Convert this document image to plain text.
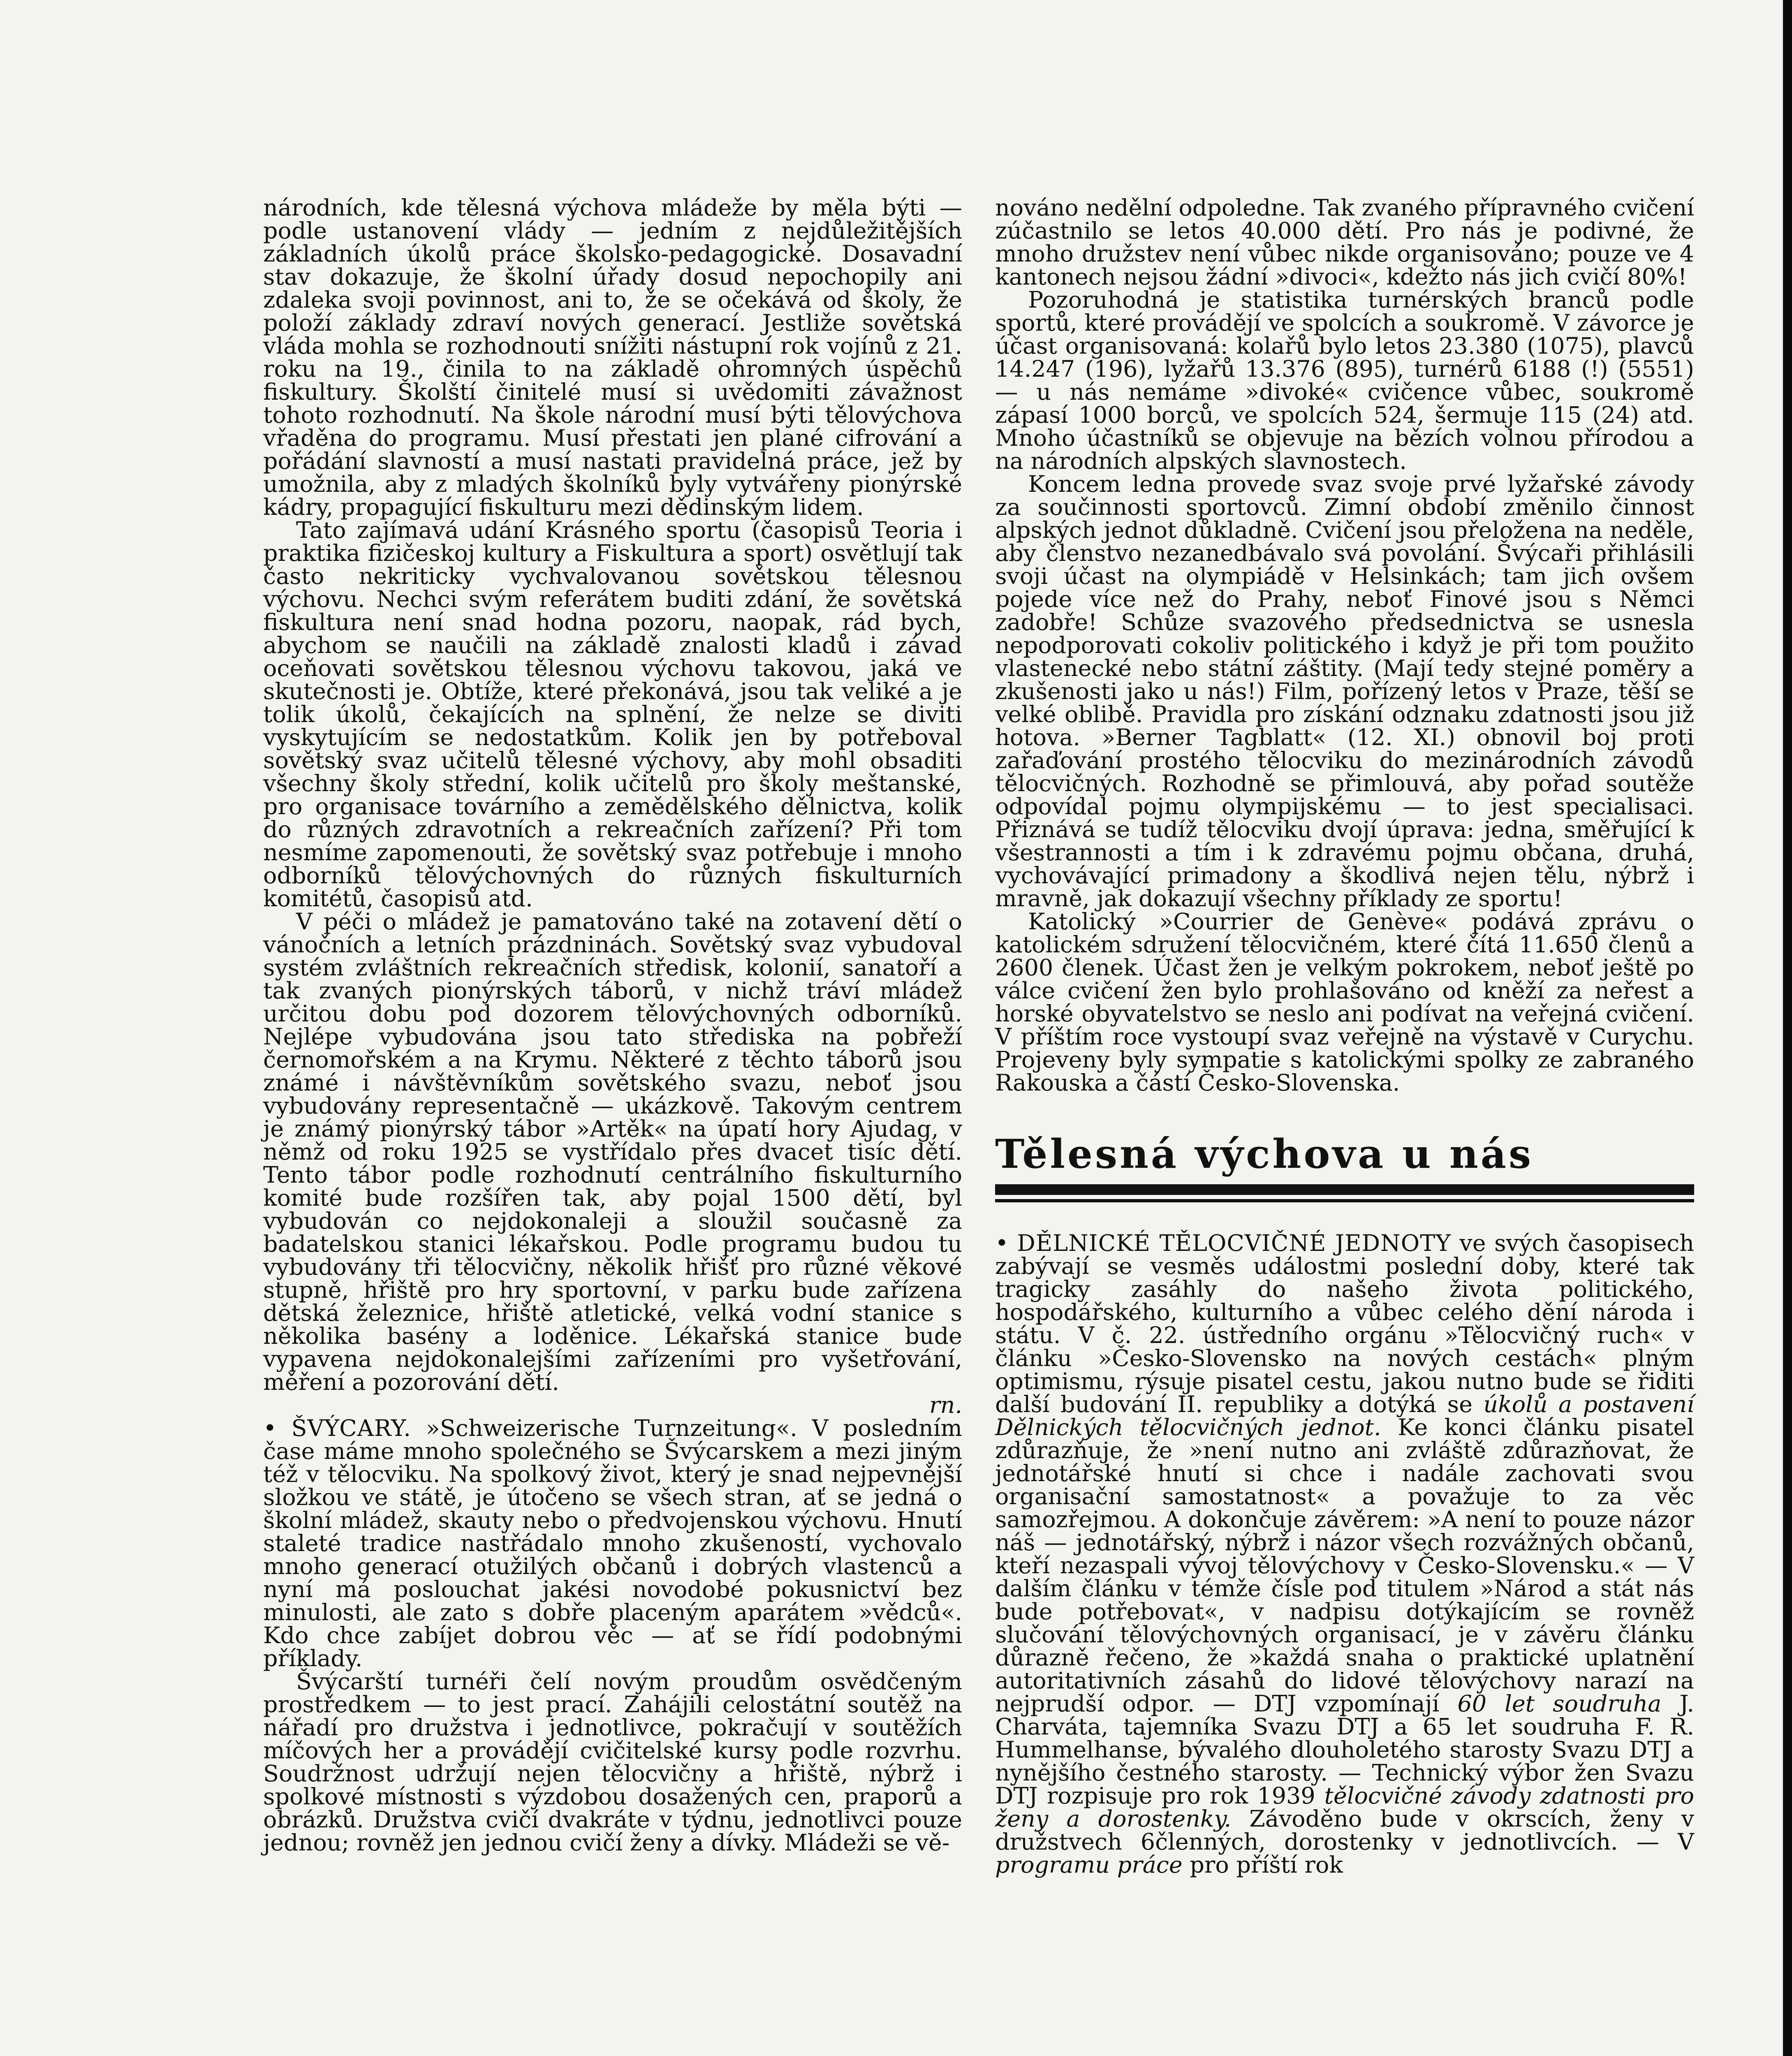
národních, kde tělesná výchova mládeže by měla býti — podle ustanovení vlády — jedním z nejdůležitějších základních úkolů práce školsko-pedagogické. Dosavadní stav dokazuje, že školní úřady dosud nepochopily ani zdaleka svoji povinnost, ani to, že se očekává od školy, že položí základy zdraví nových generací. Jestliže sovětská vláda mohla se rozhodnouti snížiti nástupní rok vojínů z 21. roku na 19., činila to na základě ohromných úspěchů fiskultury. Školští činitelé musí si uvědomiti závažnost tohoto rozhodnutí. Na škole národní musí býti tělovýchova vřaděna do programu. Musí přestati jen plané cifrování a pořádání slavností a musí nastati pravidelná práce, jež by umožnila, aby z mladých školníků byly vytvářeny pionýrské kádry, propagující fiskulturu mezi dědinským lidem.

Tato zajímavá udání Krásného sportu (časopisů Teoria i praktika fizičeskoj kultury a Fiskultura a sport) osvětlují tak často nekriticky vychvalovanou sovětskou tělesnou výchovu. Nechci svým referátem buditi zdání, že sovětská fiskultura není snad hodna pozoru, naopak, rád bych, abychom se naučili na základě znalosti kladů i závad oceňovati sovětskou tělesnou výchovu takovou, jaká ve skutečnosti je. Obtíže, které překonává, jsou tak veliké a je tolik úkolů, čekajících na splnění, že nelze se diviti vyskytujícím se nedostatkům. Kolik jen by potřeboval sovětský svaz učitelů tělesné výchovy, aby mohl obsaditi všechny školy střední, kolik učitelů pro školy meštanské, pro organisace továrního a zemědělského dělnictva, kolik do různých zdravotních a rekreačních zařízení? Při tom nesmíme zapomenouti, že sovětský svaz potřebuje i mnoho odborníků tělovýchovných do různých fiskulturních komitétů, časopisů atd.

V péči o mládež je pamatováno také na zotavení dětí o vánočních a letních prázdninách. Sovětský svaz vybudoval systém zvláštních rekreačních středisk, kolonií, sanatoří a tak zvaných pionýrských táborů, v nichž tráví mládež určitou dobu pod dozorem tělovýchovných odborníků. Nejlépe vybudována jsou tato střediska na pobřeží černomořském a na Krymu. Některé z těchto táborů jsou známé i návštěvníkům sovětského svazu, neboť jsou vybudovány representačně — ukázkově. Takovým centrem je známý pionýrský tábor »Artěk« na úpatí hory Ajudag, v němž od roku 1925 se vystřídalo přes dvacet tisíc dětí. Tento tábor podle rozhodnutí centrálního fiskulturního komité bude rozšířen tak, aby pojal 1500 dětí, byl vybudován co nejdokonaleji a sloužil současně za badatelskou stanici lékařskou. Podle programu budou tu vybudovány tři tělocvičny, několik hřišť pro různé věkové stupně, hřiště pro hry sportovní, v parku bude zařízena dětská železnice, hřiště atletické, velká vodní stanice s několika basény a loděnice. Lékařská stanice bude vypavena nejdokonalejšími zařízeními pro vyšetřování, měření a pozorování dětí.

rn.

• ŠVÝCARY. »Schweizerische Turnzeitung«. V posledním čase máme mnoho společného se Švýcarskem a mezi jiným též v tělocviku. Na spolkový život, který je snad nejpevnější složkou ve státě, je útočeno se všech stran, ať se jedná o školní mládež, skauty nebo o předvojenskou výchovu. Hnutí staleté tradice nastřádalo mnoho zkušeností, vychovalo mnoho generací otužilých občanů i dobrých vlastenců a nyní má poslouchat jakési novodobé pokusnictví bez minulosti, ale zato s dobře placeným aparátem »vědců«. Kdo chce zabíjet dobrou věc — ať se řídí podobnými příklady.

Švýcarští turnéři čelí novým proudům osvědčeným prostředkem — to jest prací. Zahájili celostátní soutěž na nářadí pro družstva i jednotlivce, pokračují v soutěžích míčových her a provádějí cvičitelské kursy podle rozvrhu. Soudržnost udržují nejen tělocvičny a hřiště, nýbrž i spolkové místnosti s výzdobou dosažených cen, praporů a obrázků. Družstva cvičí dvakráte v týdnu, jednotlivci pouze jednou; rovněž jen jednou cvičí ženy a dívky. Mládeži se vě-

nováno nedělní odpoledne. Tak zvaného přípravného cvičení zúčastnilo se letos 40.000 dětí. Pro nás je podivné, že mnoho družstev není vůbec nikde organisováno; pouze ve 4 kantonech nejsou žádní »divoci«, kdežto nás jich cvičí 80%!

Pozoruhodná je statistika turnérských branců podle sportů, které provádějí ve spolcích a soukromě. V závorce je účast organisovaná: kolařů bylo letos 23.380 (1075), plavců 14.247 (196), lyžařů 13.376 (895), turnérů 6188 (!) (5551) — u nás nemáme »divoké« cvičence vůbec, soukromě zápasí 1000 borců, ve spolcích 524, šermuje 115 (24) atd. Mnoho účastníků se objevuje na bězích volnou přírodou a na národních alpských slavnostech.

Koncem ledna provede svaz svoje prvé lyžařské závody za součinnosti sportovců. Zimní období změnilo činnost alpských jednot důkladně. Cvičení jsou přeložena na neděle, aby členstvo nezanedbávalo svá povolání. Švýcaři přihlásili svoji účast na olympiádě v Helsinkách; tam jich ovšem pojede více než do Prahy, neboť Finové jsou s Němci zadobře! Schůze svazového předsednictva se usnesla nepodporovati cokoliv politického i když je při tom použito vlastenecké nebo státní záštity. (Mají tedy stejné poměry a zkušenosti jako u nás!) Film, pořízený letos v Praze, těší se velké oblibě. Pravidla pro získání odznaku zdatnosti jsou již hotova. »Berner Tagblatt« (12. XI.) obnovil boj proti zařaďování prostého tělocviku do mezinárodních závodů tělocvičných. Rozhodně se přimlouvá, aby pořad soutěže odpovídal pojmu olympijskému — to jest specialisaci. Přiznává se tudíž tělocviku dvojí úprava: jedna, směřující k všestrannosti a tím i k zdravému pojmu občana, druhá, vychovávající primadony a škodlivá nejen tělu, nýbrž i mravně, jak dokazují všechny příklady ze sportu!

Katolický »Courrier de Genève« podává zprávu o katolickém sdružení tělocvičném, které čítá 11.650 členů a 2600 členek. Účast žen je velkým pokrokem, neboť ještě po válce cvičení žen bylo prohlašováno od kněží za neřest a horské obyvatelstvo se neslo ani podívat na veřejná cvičení. V příštím roce vystoupí svaz veřejně na výstavě v Curychu. Projeveny byly sympatie s katolickými spolky ze zabraného Rakouska a částí Česko-Slovenska.

Tělesná výchova u nás

• DĚLNICKÉ TĚLOCVIČNÉ JEDNOTY ve svých časopisech zabývají se vesměs událostmi poslední doby, které tak tragicky zasáhly do našeho života politického, hospodářského, kulturního a vůbec celého dění národa i státu. V č. 22. ústředního orgánu »Tělocvičný ruch« v článku »Česko-Slovensko na nových cestách« plným optimismu, rýsuje pisatel cestu, jakou nutno bude se řiditi další budování II. republiky a dotýká se úkolů a postavení Dělnických tělocvičných jednot. Ke konci článku pisatel zdůrazňuje, že »není nutno ani zvláště zdůrazňovat, že jednotářské hnutí si chce i nadále zachovati svou organisační samostatnost« a považuje to za věc samozřejmou. A dokončuje závěrem: »A není to pouze názor náš — jednotářský, nýbrž i názor všech rozvážných občanů, kteří nezaspali vývoj tělovýchovy v Česko-Slovensku.« — V dalším článku v témže čísle pod titulem »Národ a stát nás bude potřebovat«, v nadpisu dotýkajícím se rovněž slučování tělovýchovných organisací, je v závěru článku důrazně řečeno, že »každá snaha o praktické uplatnění autoritativních zásahů do lidové tělovýchovy narazí na nejprudší odpor. — DTJ vzpomínají 60 let soudruha J. Charváta, tajemníka Svazu DTJ a 65 let soudruha F. R. Hummelhanse, bývalého dlouholetého starosty Svazu DTJ a nynějšího čestného starosty. — Technický výbor žen Svazu DTJ rozpisuje pro rok 1939 tělocvičné závody zdatnosti pro ženy a dorostenky. Závoděno bude v okrscích, ženy v družstvech 6členných, dorostenky v jednotlivcích. — V programu práce pro příští rok
